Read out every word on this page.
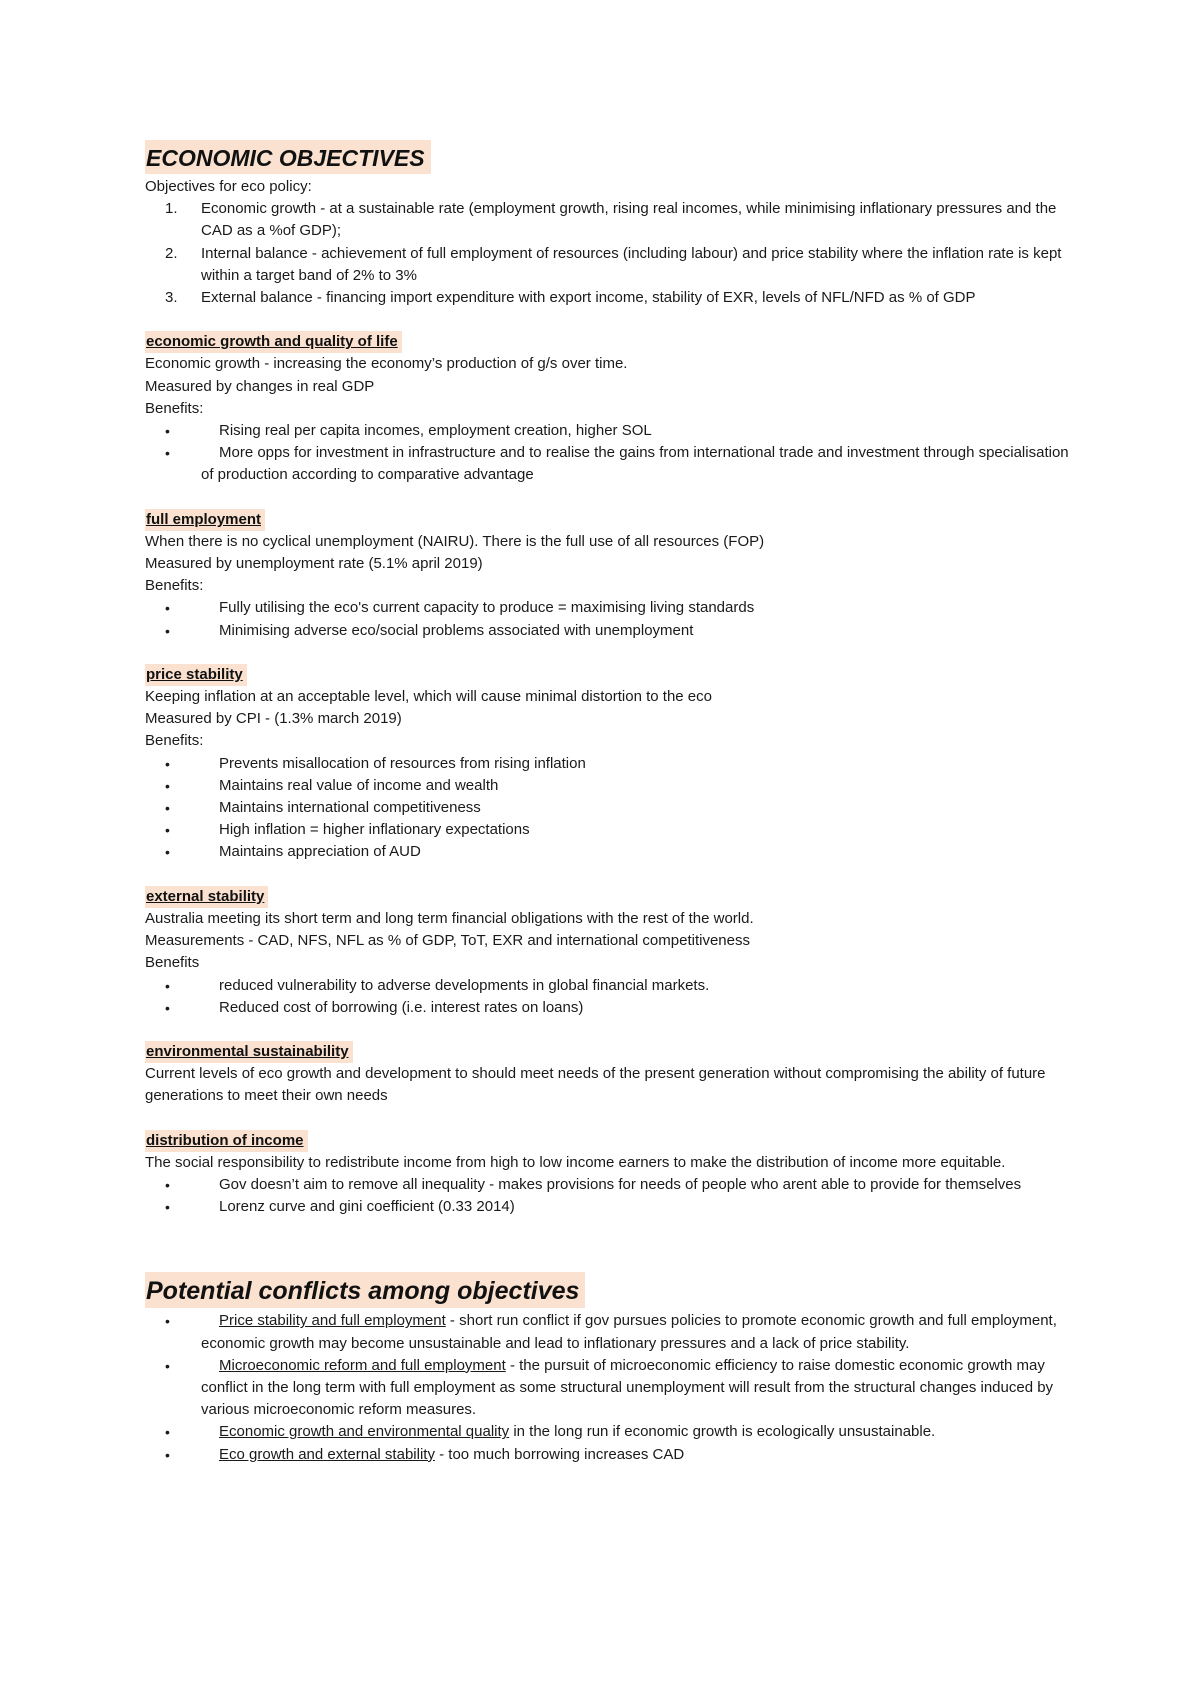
ECONOMIC OBJECTIVES

Objectives for eco policy:

1. Economic growth - at a sustainable rate (employment growth, rising real incomes, while minimising inflationary pressures and the CAD as a %of GDP);
2. Internal balance - achievement of full employment of resources (including labour) and price stability where the inflation rate is kept within a target band of 2% to 3%
3. External balance - financing import expenditure with export income, stability of EXR, levels of NFL/NFD as % of GDP
economic growth and quality of life

Economic growth - increasing the economy’s production of g/s over time.

Measured by changes in real GDP

Benefits:

•	Rising real per capita incomes, employment creation, higher SOL
•	More opps for investment in infrastructure and to realise the gains from international trade and investment through specialisation of production according to comparative advantage
full employment

When there is no cyclical unemployment (NAIRU). There is the full use of all resources (FOP)

Measured by unemployment rate (5.1% april 2019)

Benefits:

•	Fully utilising the eco's current capacity to produce = maximising living standards
•	Minimising adverse eco/social problems associated with unemployment
price stability

Keeping inflation at an acceptable level, which will cause minimal distortion to the eco

Measured by CPI - (1.3% march 2019)

Benefits:

•	Prevents misallocation of resources from rising inflation
•	Maintains real value of income and wealth
•	Maintains international competitiveness
•	High inflation = higher inflationary expectations
•	Maintains appreciation of AUD
external stability

Australia meeting its short term and long term financial obligations with the rest of the world.

Measurements - CAD, NFS, NFL as % of GDP, ToT, EXR and international competitiveness

Benefits

•	reduced vulnerability to adverse developments in global financial markets.
•	Reduced cost of borrowing (i.e. interest rates on loans)
environmental sustainability

Current levels of eco growth and development to should meet needs of the present generation without compromising the ability of future generations to meet their own needs

distribution of income

The social responsibility to redistribute income from high to low income earners to make the distribution of income more equitable.

•	Gov doesn’t aim to remove all inequality - makes provisions for needs of people who arent able to provide for themselves
•	Lorenz curve and gini coefficient (0.33 2014)
Potential conflicts among objectives
•	Price stability and full employment - short run conflict if gov pursues policies to promote economic growth and full employment, economic growth may become unsustainable and lead to inflationary pressures and a lack of price stability.
•	Microeconomic reform and full employment - the pursuit of microeconomic efficiency to raise domestic economic growth may conflict in the long term with full employment as some structural unemployment will result from the structural changes induced by various microeconomic reform measures.
•	Economic growth and environmental quality in the long run if economic growth is ecologically unsustainable.
•	Eco growth and external stability - too much borrowing increases CAD
